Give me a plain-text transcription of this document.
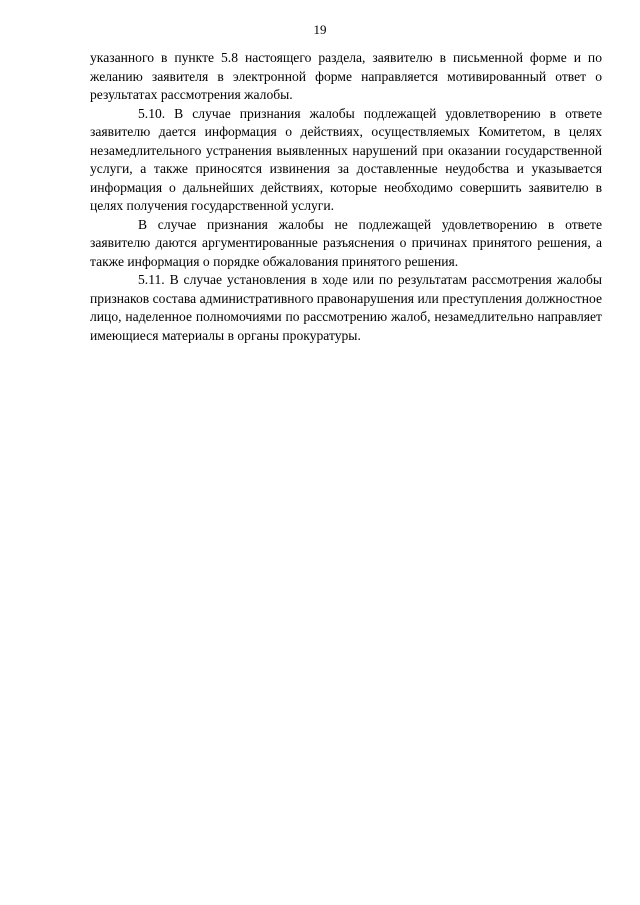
19

указанного в пункте 5.8 настоящего раздела, заявителю в письменной форме и по желанию заявителя в электронной форме направляется мотивированный ответ о результатах рассмотрения жалобы.

5.10. В случае признания жалобы подлежащей удовлетворению в ответе заявителю дается информация о действиях, осуществляемых Комитетом, в целях незамедлительного устранения выявленных нарушений при оказании государственной услуги, а также приносятся извинения за доставленные неудобства и указывается информация о дальнейших действиях, которые необходимо совершить заявителю в целях получения государственной услуги.

В случае признания жалобы не подлежащей удовлетворению в ответе заявителю даются аргументированные разъяснения о причинах принятого решения, а также информация о порядке обжалования принятого решения.

5.11. В случае установления в ходе или по результатам рассмотрения жалобы признаков состава административного правонарушения или преступления должностное лицо, наделенное полномочиями по рассмотрению жалоб, незамедлительно направляет имеющиеся материалы в органы прокуратуры.
